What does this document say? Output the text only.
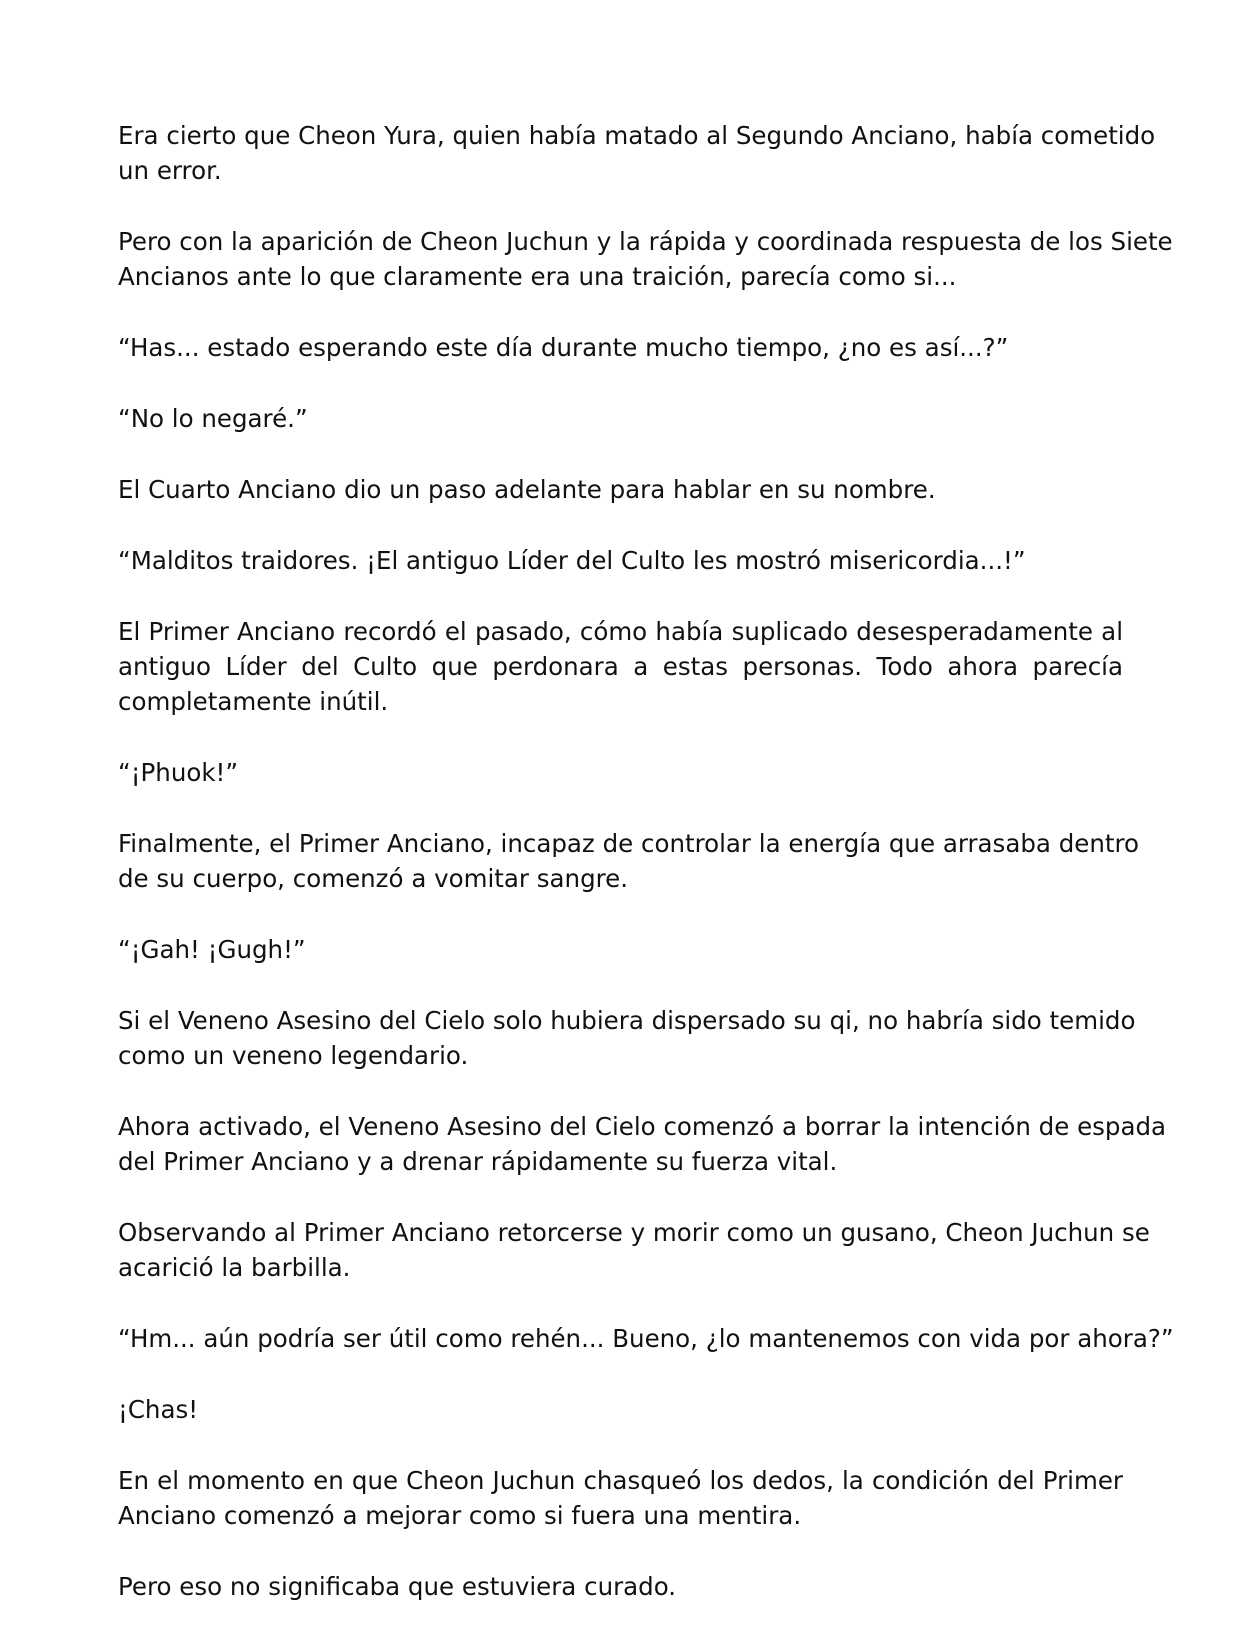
Era cierto que Cheon Yura, quien había matado al Segundo Anciano, había cometido
un error.

Pero con la aparición de Cheon Juchun y la rápida y coordinada respuesta de los Siete
Ancianos ante lo que claramente era una traición, parecía como si...

“Has... estado esperando este día durante mucho tiempo, ¿no es así...?”

“No lo negaré.”

El Cuarto Anciano dio un paso adelante para hablar en su nombre.

“Malditos traidores. ¡El antiguo Líder del Culto les mostró misericordia...!”

El Primer Anciano recordó el pasado, cómo había suplicado desesperadamente al
antiguo Líder del Culto que perdonara a estas personas. Todo ahora parecía
completamente inútil.

“¡Phuok!”

Finalmente, el Primer Anciano, incapaz de controlar la energía que arrasaba dentro
de su cuerpo, comenzó a vomitar sangre.

“¡Gah! ¡Gugh!”

Si el Veneno Asesino del Cielo solo hubiera dispersado su qi, no habría sido temido
como un veneno legendario.

Ahora activado, el Veneno Asesino del Cielo comenzó a borrar la intención de espada
del Primer Anciano y a drenar rápidamente su fuerza vital.

Observando al Primer Anciano retorcerse y morir como un gusano, Cheon Juchun se
acarició la barbilla.

“Hm... aún podría ser útil como rehén... Bueno, ¿lo mantenemos con vida por ahora?”

¡Chas!

En el momento en que Cheon Juchun chasqueó los dedos, la condición del Primer
Anciano comenzó a mejorar como si fuera una mentira.

Pero eso no significaba que estuviera curado.
